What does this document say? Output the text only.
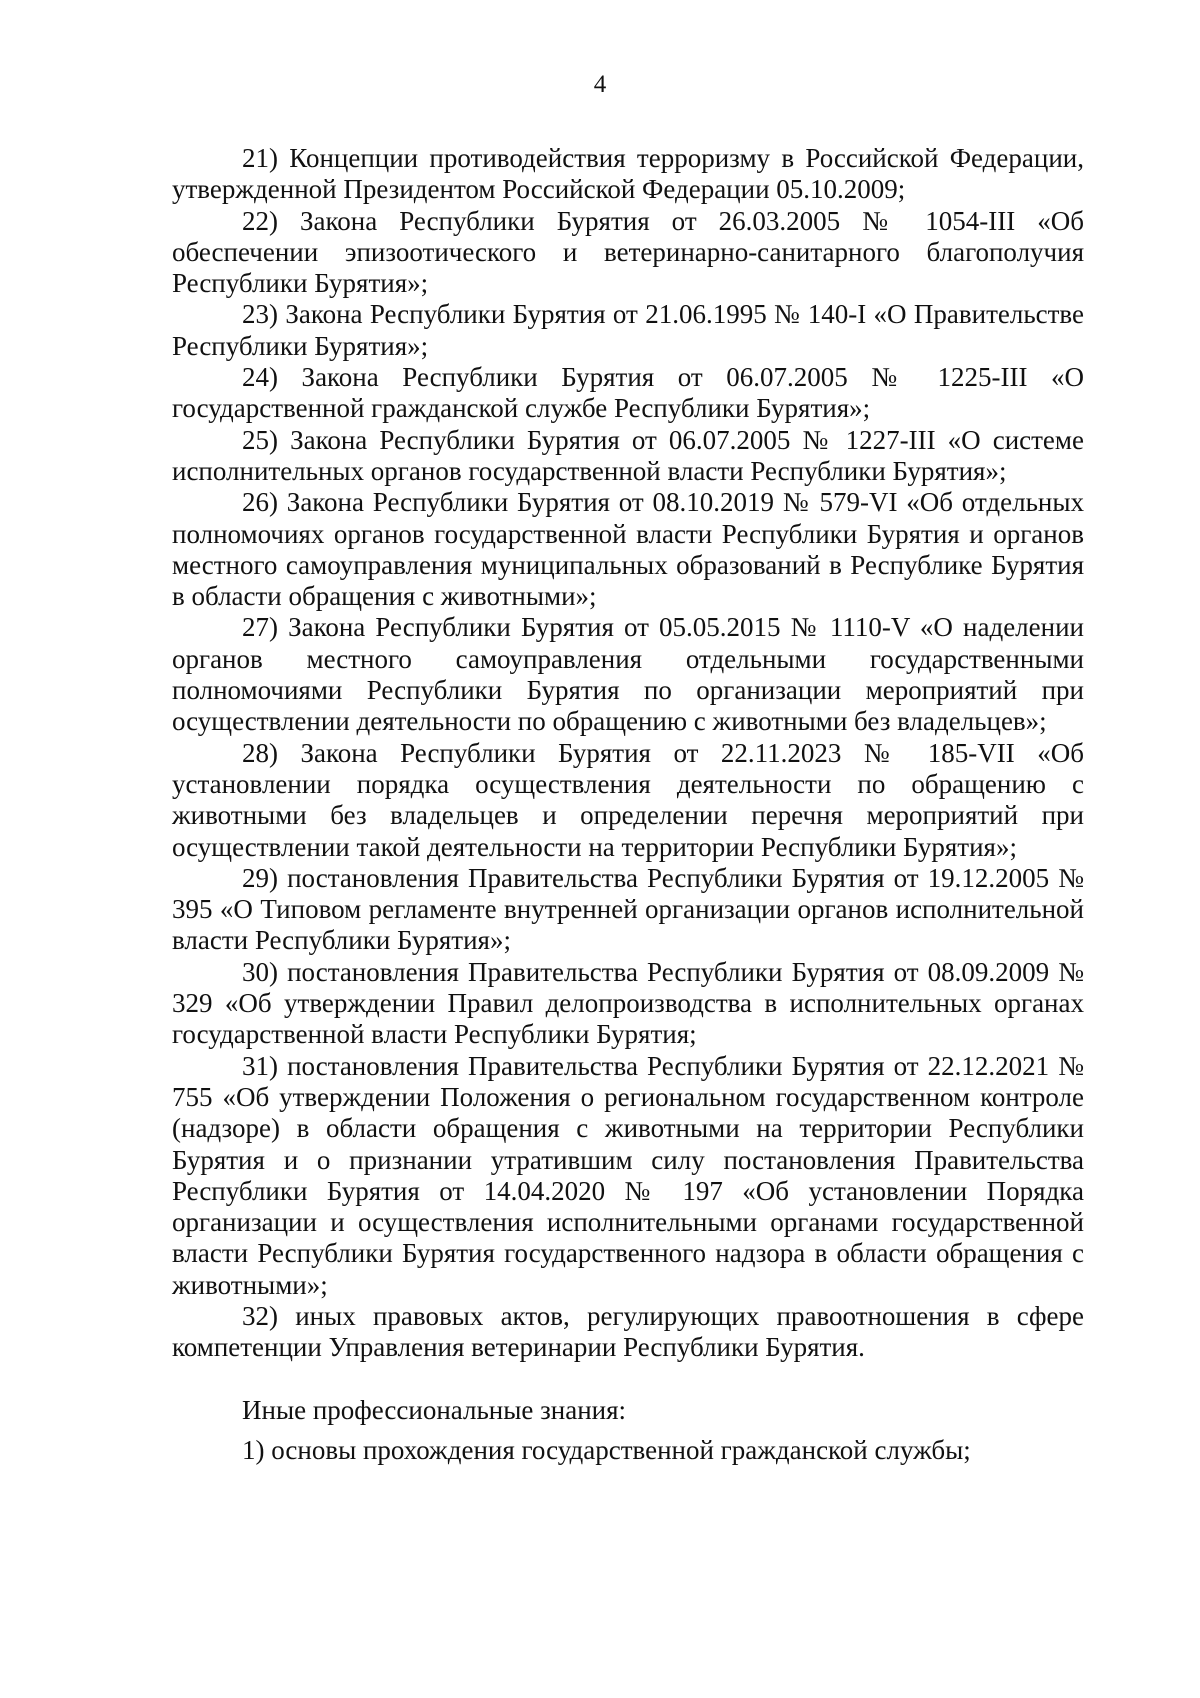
4

21) Концепции противодействия терроризму в Российской Федерации, утвержденной Президентом Российской Федерации 05.10.2009;

22) Закона Республики Бурятия от 26.03.2005 № 1054-III «Об обеспечении эпизоотического и ветеринарно-санитарного благополучия Республики Бурятия»;

23) Закона Республики Бурятия от 21.06.1995 № 140-I «О Правительстве Республики Бурятия»;

24) Закона Республики Бурятия от 06.07.2005 № 1225-III «О государственной гражданской службе Республики Бурятия»;

25) Закона Республики Бурятия от 06.07.2005 № 1227-III «О системе исполнительных органов государственной власти Республики Бурятия»;

26) Закона Республики Бурятия от 08.10.2019 № 579-VI «Об отдельных полномочиях органов государственной власти Республики Бурятия и органов местного самоуправления муниципальных образований в Республике Бурятия в области обращения с животными»;

27) Закона Республики Бурятия от 05.05.2015 № 1110-V «О наделении органов местного самоуправления отдельными государственными полномочиями Республики Бурятия по организации мероприятий при осуществлении деятельности по обращению с животными без владельцев»;

28) Закона Республики Бурятия от 22.11.2023 № 185-VII «Об установлении порядка осуществления деятельности по обращению с животными без владельцев и определении перечня мероприятий при осуществлении такой деятельности на территории Республики Бурятия»;

29) постановления Правительства Республики Бурятия от 19.12.2005 № 395 «О Типовом регламенте внутренней организации органов исполнительной власти Республики Бурятия»;

30) постановления Правительства Республики Бурятия от 08.09.2009 № 329 «Об утверждении Правил делопроизводства в исполнительных органах государственной власти Республики Бурятия;

31) постановления Правительства Республики Бурятия от 22.12.2021 № 755 «Об утверждении Положения о региональном государственном контроле (надзоре) в области обращения с животными на территории Республики Бурятия и о признании утратившим силу постановления Правительства Республики Бурятия от 14.04.2020 № 197 «Об установлении Порядка организации и осуществления исполнительными органами государственной власти Республики Бурятия государственного надзора в области обращения с животными»;

32) иных правовых актов, регулирующих правоотношения в сфере компетенции Управления ветеринарии Республики Бурятия.

Иные профессиональные знания:

1) основы прохождения государственной гражданской службы;
